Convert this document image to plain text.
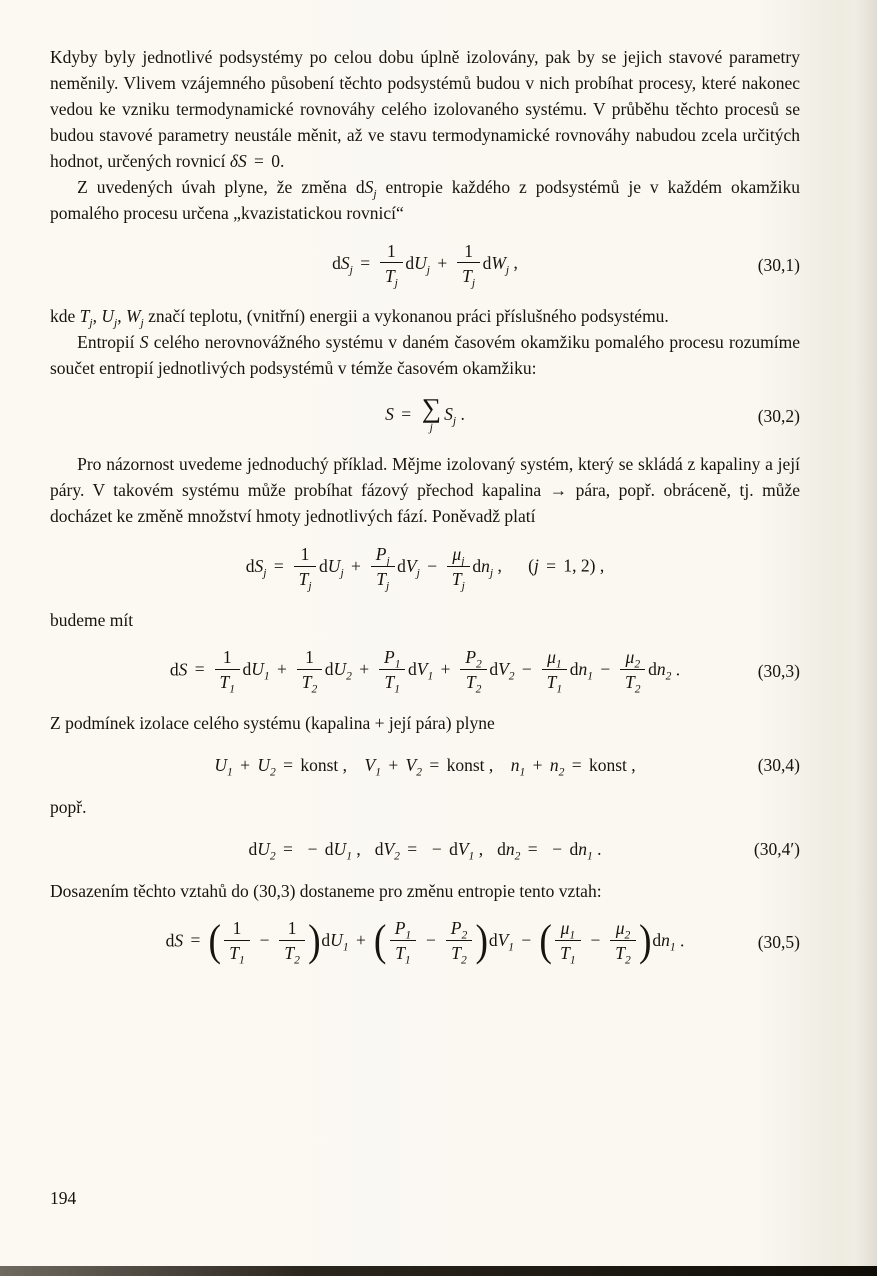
Kdyby byly jednotlivé podsystémy po celou dobu úplně izolovány, pak by se jejich stavové parametry neměnily. Vlivem vzájemného působení těchto podsystémů budou v nich probíhat procesy, které nakonec vedou ke vzniku termodynamické rovnováhy celého izolovaného systému. V průběhu těchto procesů se budou stavové parametry neustále měnit, až ve stavu termodynamické rovnováhy nabudou zcela určitých hodnot, určených rovnicí δS = 0.

Z uvedených úvah plyne, že změna $dS_j$ entropie každého z podsystémů je v každém okamžiku pomalého procesu určena „kvazistatickou rovnicí“

$dS_j = \frac{1}{T_j} dU_j + \frac{1}{T_j} dW_j$ ,	(30,1)

kde $T_j$, $U_j$, $W_j$ značí teplotu, (vnitřní) energii a vykonanou práci příslušného podsystému.

Entropií S celého nerovnovážného systému v daném časovém okamžiku pomalého procesu rozumíme součet entropií jednotlivých podsystémů v témže časovém okamžiku:

S = ∑
j
$S_j$ .	(30,2)

Pro názornost uvedeme jednoduchý příklad. Mějme izolovaný systém, který se skládá z kapaliny a její páry. V takovém systému může probíhat fázový přechod kapalina → pára, popř. obráceně, tj. může docházet ke změně množství hmoty jednotlivých fází. Poněvadž platí

$dS_j = \frac{1}{T_j} dU_j + \frac{P_j}{T_j} dV_j - \frac{\mu_j}{T_j} dn_j$ , (j = 1, 2) ,

budeme mít

dS = $\frac{1}{T_1} dU_1 + \frac{1}{T_2} dU_2 + \frac{P_1}{T_1} dV_1 + \frac{P_2}{T_2} dV_2 - \frac{\mu_1}{T_1} dn_1 - \frac{\mu_2}{T_2} dn_2$ .	(30,3)

Z podmínek izolace celého systému (kapalina + její pára) plyne

$U_1 + U_2$ = konst , $V_1 + V_2$ = konst , $n_1 + n_2$ = konst ,	(30,4)

popř.

$dU_2$ = − $dU_1$ , $dV_2$ = − $dV_1$ , $dn_2$ = − $dn_1$ .	(30,4′)

Dosazením těchto vztahů do (30,3) dostaneme pro změnu entropie tento vztah:

dS = ( $\frac{1}{T_1} - \frac{1}{T_2} )dU_1$ + ( $\frac{P_1}{T_1} - \frac{P_2}{T_2} )dV_1$ − ( $\frac{\mu_1}{T_1} - \frac{\mu_2}{T_2} )dn_1$ .	(30,5)
194
